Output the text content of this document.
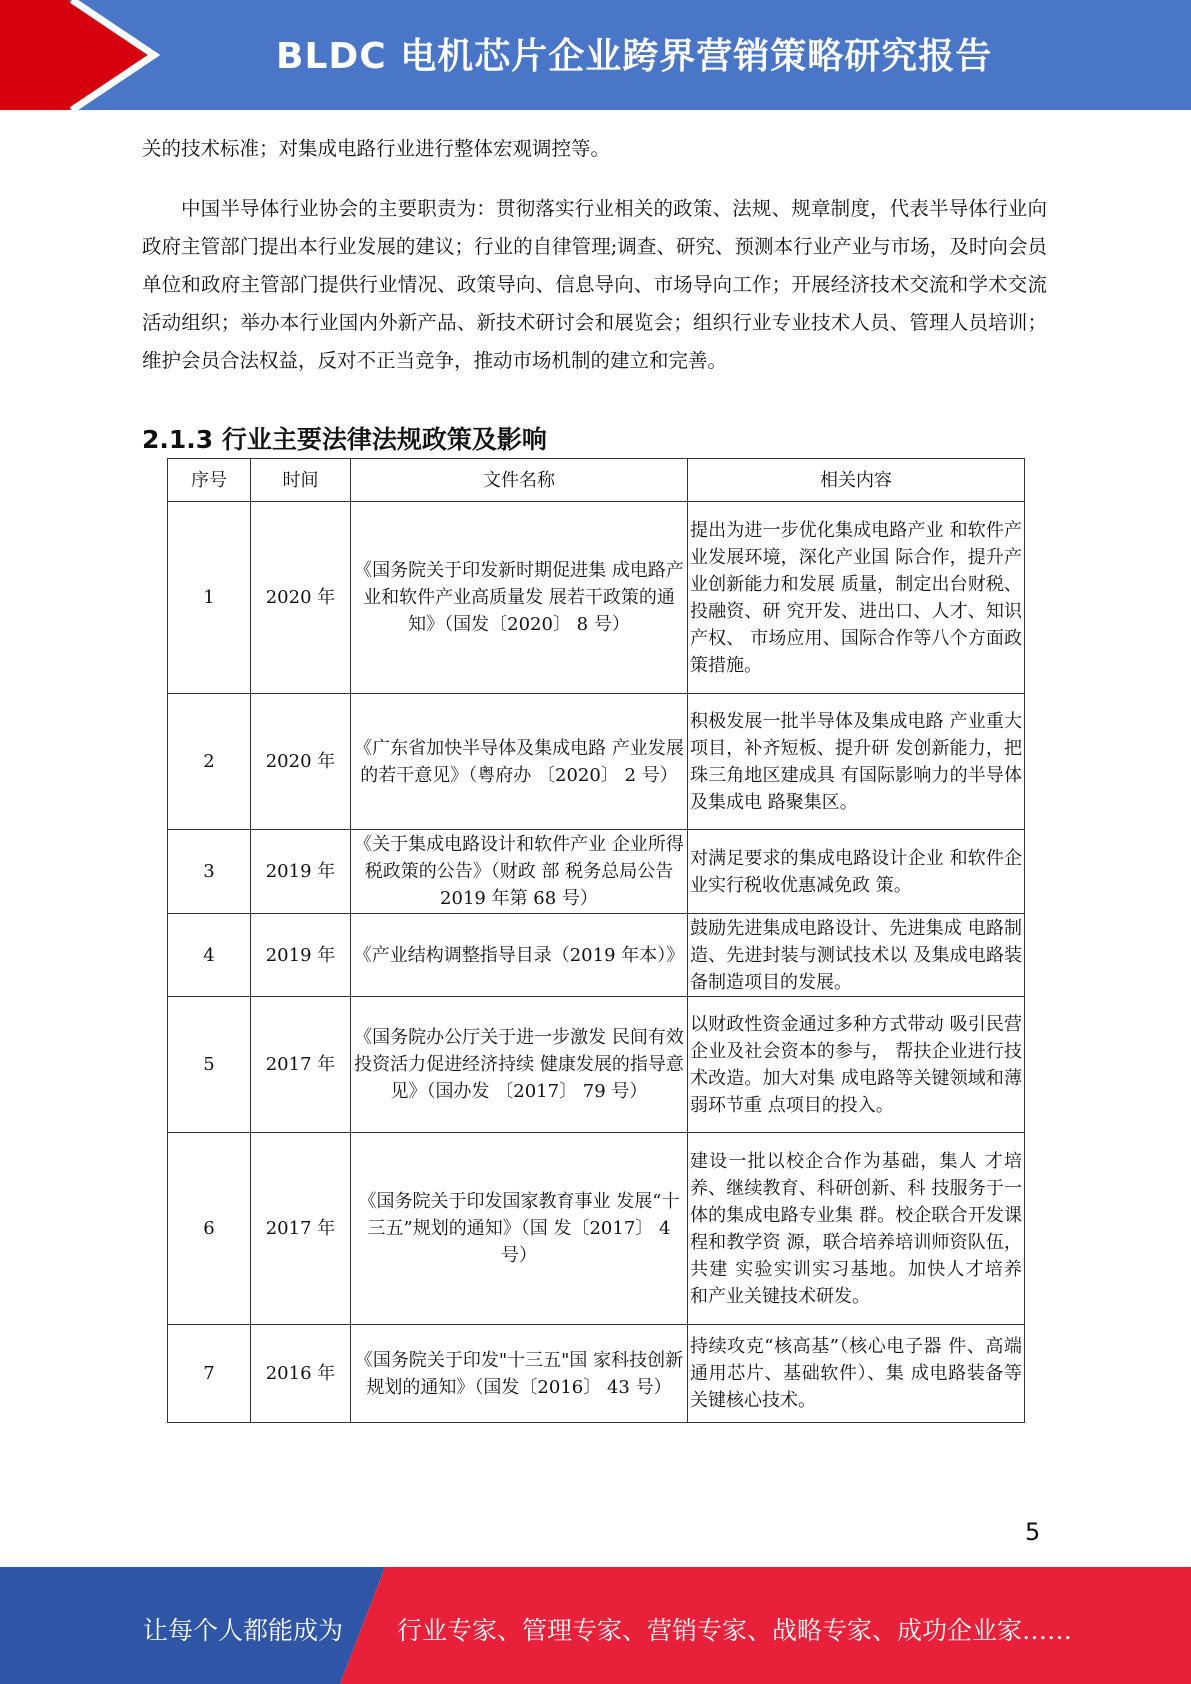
BLDC 电机芯片企业跨界营销策略研究报告

关的技术标准；对集成电路行业进行整体宏观调控等。

中国半导体行业协会的主要职责为：贯彻落实行业相关的政策、法规、规章制度，代表半导体行业向政府主管部门提出本行业发展的建议；行业的自律管理;调查、研究、预测本行业产业与市场，及时向会员单位和政府主管部门提供行业情况、政策导向、信息导向、市场导向工作；开展经济技术交流和学术交流活动组织；举办本行业国内外新产品、新技术研讨会和展览会；组织行业专业技术人员、管理人员培训；维护会员合法权益，反对不正当竞争，推动市场机制的建立和完善。

2.1.3 行业主要法律法规政策及影响
序号	时间	文件名称	相关内容
1	2020 年	《国务院关于印发新时期促进集 成电路产业和软件产业高质量发 展若干政策的通知》（国发〔2020〕 8 号）	提出为进一步优化集成电路产业 和软件产业发展环境，深化产业国 际合作，提升产业创新能力和发展 质量，制定出台财税、投融资、研 究开发、进出口、人才、知识产权、 市场应用、国际合作等八个方面政 策措施。
2	2020 年	《广东省加快半导体及集成电路 产业发展的若干意见》（粤府办 〔2020〕 2 号）	积极发展一批半导体及集成电路 产业重大项目，补齐短板、提升研 发创新能力，把珠三角地区建成具 有国际影响力的半导体及集成电 路聚集区。
3	2019 年	《关于集成电路设计和软件产业 企业所得税政策的公告》（财政 部 税务总局公告 2019 年第 68 号）	对满足要求的集成电路设计企业 和软件企业实行税收优惠减免政 策。
4	2019 年	《产业结构调整指导目录（2019 年本）》	鼓励先进集成电路设计、先进集成 电路制造、先进封装与测试技术以 及集成电路装备制造项目的发展。
5	2017 年	《国务院办公厅关于进一步激发 民间有效投资活力促进经济持续 健康发展的指导意见》（国办发 〔2017〕 79 号）	以财政性资金通过多种方式带动 吸引民营企业及社会资本的参与， 帮扶企业进行技术改造。加大对集 成电路等关键领域和薄弱环节重 点项目的投入。
6	2017 年	《国务院关于印发国家教育事业 发展“十三五”规划的通知》（国 发〔2017〕 4 号）	建设一批以校企合作为基础，集人 才培养、继续教育、科研创新、科 技服务于一体的集成电路专业集 群。校企联合开发课程和教学资 源，联合培养培训师资队伍，共建 实验实训实习基地。加快人才培养 和产业关键技术研发。
7	2016 年	《国务院关于印发"十三五"国 家科技创新规划的通知》（国发〔2016〕 43 号）	持续攻克“核高基”（核心电子器 件、高端通用芯片、基础软件）、集 成电路装备等关键核心技术。
5
让每个人都能成为 行业专家、管理专家、营销专家、战略专家、成功企业家……
